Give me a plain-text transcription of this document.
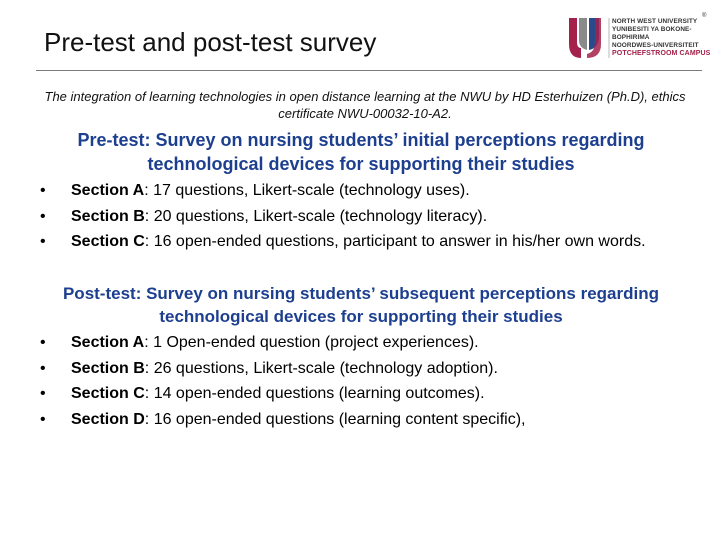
Pre-test and post-test survey
NORTH WEST UNIVERSITY
YUNIBESITI YA BOKONE-BOPHIRIMA
NOORDWES-UNIVERSITEIT
POTCHEFSTROOM CAMPUS
®
The integration of learning technologies in open distance learning at the NWU by HD Esterhuizen (Ph.D), ethics certificate NWU-00032-10-A2.
Pre-test: Survey on nursing students’ initial perceptions regarding technological devices for supporting their studies
• Section A: 17 questions, Likert-scale (technology uses).
• Section B: 20 questions, Likert-scale (technology literacy).
• Section C: 16 open-ended questions, participant to answer in his/her own words.
Post-test: Survey on nursing students’ subsequent perceptions regarding technological devices for supporting their studies
• Section A: 1 Open-ended question (project experiences).
• Section B: 26 questions, Likert-scale (technology adoption).
• Section C: 14 open-ended questions (learning outcomes).
• Section D: 16 open-ended questions (learning content specific),
